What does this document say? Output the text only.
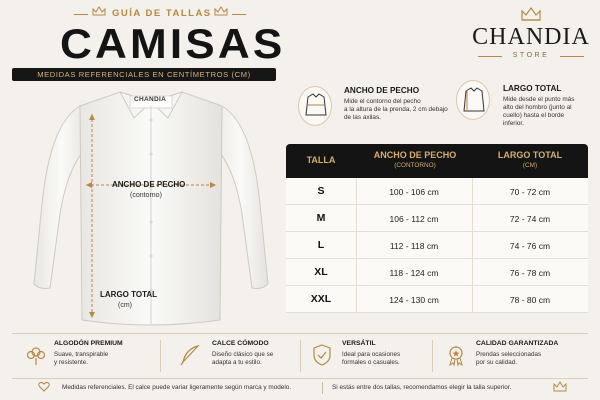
GUÍA DE TALLAS
CAMISAS
MEDIDAS REFERENCIALES EN CENTÍMETROS (CM)
CHANDIA
STORE
CHANDIA
ANCHO DE PECHO
(contorno)
LARGO TOTAL
(cm)
ANCHO DE PECHO
Mide el contorno del pecho
a la altura de la prenda, 2 cm debajo
de las axilas.
LARGO TOTAL
Mide desde el punto más
alto del hombro (junto al
cuello) hasta el borde
inferior.
TALLA	ANCHO DE PECHO
(CONTORNO)
LARGO TOTAL
(CM)
S	100 - 106 cm	70 - 72 cm
M	106 - 112 cm	72 - 74 cm
L	112 - 118 cm	74 - 76 cm
XL	118 - 124 cm	76 - 78 cm
XXL	124 - 130 cm	78 - 80 cm
ALGODÓN PREMIUM
Suave, transpirable
y resistente.
CALCE CÓMODO
Diseño clásico que se
adapta a tu estilo.
VERSÁTIL
Ideal para ocasiones
formales o casuales.
CALIDAD GARANTIZADA
Prendas seleccionadas
por su calidad.
Medidas referenciales. El calce puede variar ligeramente según marca y modelo.	Si estás entre dos tallas, recomendamos elegir la talla superior.
